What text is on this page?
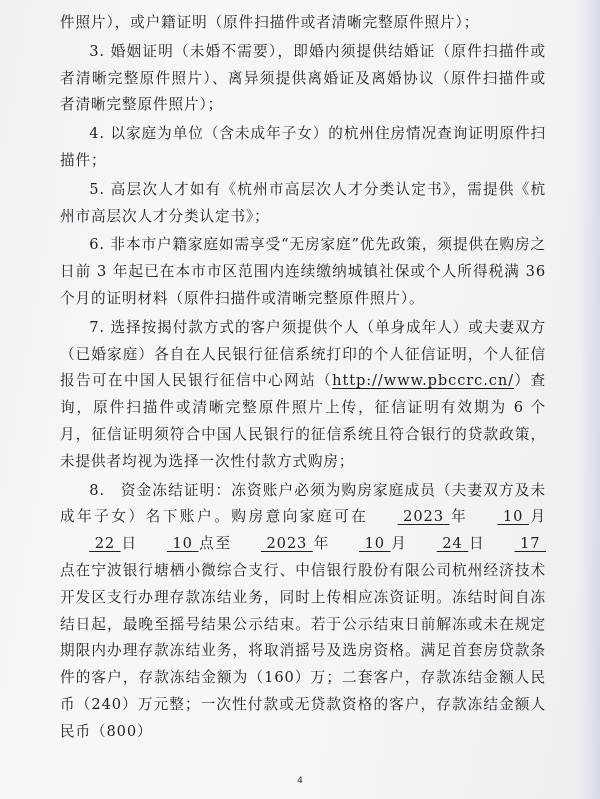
件照片），或户籍证明（原件扫描件或者清晰完整原件照片）；

3. 婚姻证明（未婚不需要），即婚内须提供结婚证（原件扫描件或者清晰完整原件照片）、离异须提供离婚证及离婚协议（原件扫描件或者清晰完整原件照片）；

4. 以家庭为单位（含未成年子女）的杭州住房情况查询证明原件扫描件；

5. 高层次人才如有《杭州市高层次人才分类认定书》，需提供《杭州市高层次人才分类认定书》；

6. 非本市户籍家庭如需享受“无房家庭”优先政策，须提供在购房之日前 3 年起已在本市市区范围内连续缴纳城镇社保或个人所得税满 36 个月的证明材料（原件扫描件或清晰完整原件照片）。

7. 选择按揭付款方式的客户须提供个人（单身成年人）或夫妻双方（已婚家庭）各自在人民银行征信系统打印的个人征信证明，个人征信报告可在中国人民银行征信中心网站（http://www.pbccrc.cn/）查询，原件扫描件或清晰完整原件照片上传，征信证明有效期为 6 个月，征信证明须符合中国人民银行的征信系统且符合银行的贷款政策，未提供者均视为选择一次性付款方式购房；

8.　资金冻结证明：冻资账户必须为购房家庭成员（夫妻双方及未成年子女）名下账户。购房意向家庭可在 2023 年 10 月 22 日 10 点至 2023 年 10 月 24 日 17 点在宁波银行塘栖小微综合支行、中信银行股份有限公司杭州经济技术开发区支行办理存款冻结业务，同时上传相应冻资证明。冻结时间自冻结日起，最晚至摇号结果公示结束。若于公示结束日前解冻或未在规定期限内办理存款冻结业务，将取消摇号及选房资格。满足首套房贷款条件的客户，存款冻结金额为（160）万；二套客户，存款冻结金额人民币（240）万元整；一次性付款或无贷款资格的客户，存款冻结金额人民币（800）

4
